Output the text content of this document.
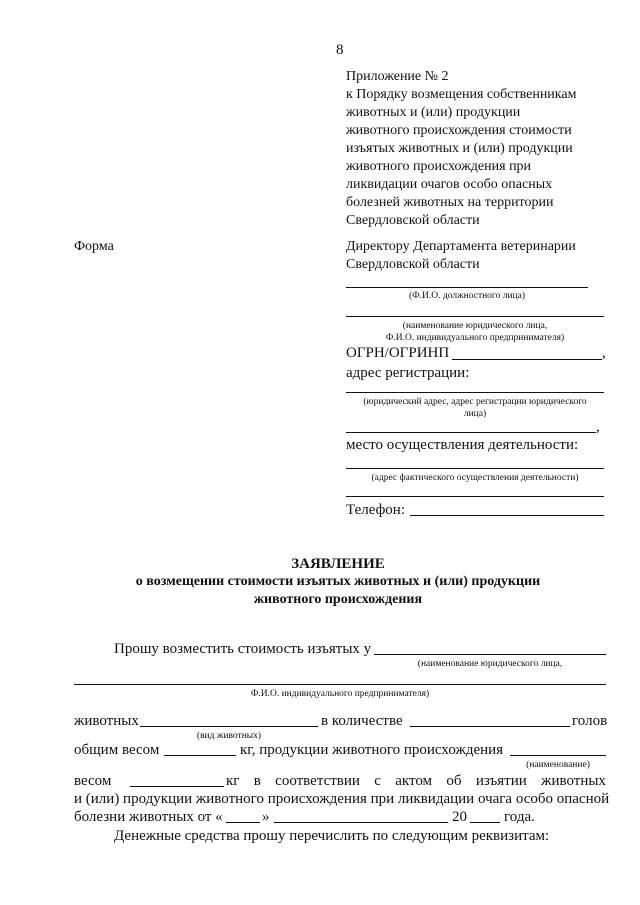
8
Приложение № 2
к Порядку возмещения собственникам
животных и (или) продукции
животного происхождения стоимости
изъятых животных и (или) продукции
животного происхождения при
ликвидации очагов особо опасных
болезней животных на территории
Свердловской области
Форма	Директору Департамента ветеринарии
Свердловской области
(Ф.И.О. должностного лица)
(наименование юридического лица,
Ф.И.О. индивидуального предпринимателя)
ОГРН/ОГРИНП	,
адрес регистрации:
(юридический адрес, адрес регистрации юридического
лица)
,
место осуществления деятельности:
(адрес фактического осуществления деятельности)
Телефон:
ЗАЯВЛЕНИЕ
о возмещении стоимости изъятых животных и (или) продукции
животного происхождения
Прошу возместить стоимость изъятых у
(наименование юридического лица,
Ф.И.О. индивидуального предпринимателя)
животных
(вид животных)
в количестве	голов
общим весом	кг, продукции животного происхождения
(наименование)
весом	кг в соответствии с актом об изъятии животных
и (или) продукции животного происхождения при ликвидации очага особо опасной
болезни животных от «	»	20 года.
Денежные средства прошу перечислить по следующим реквизитам:
